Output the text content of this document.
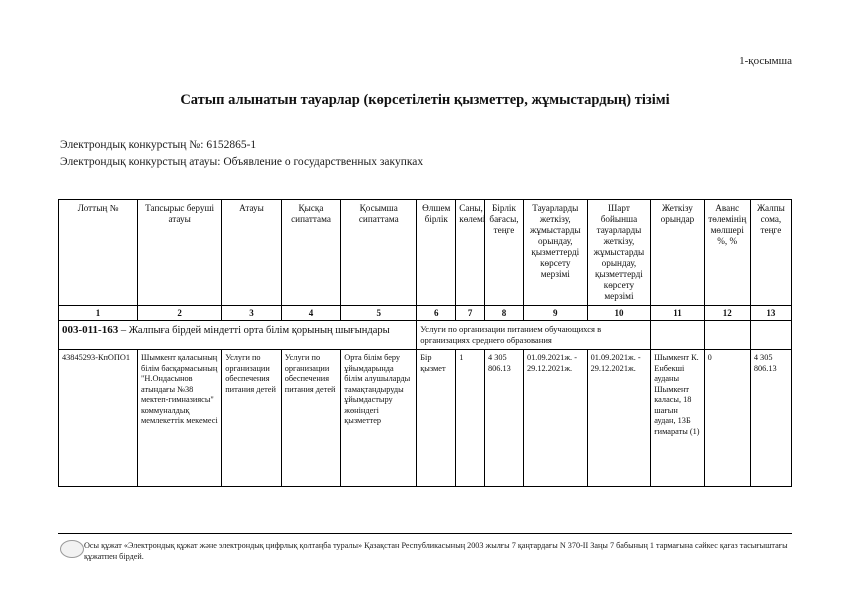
1-қосымша
Сатып алынатын тауарлар (көрсетілетін қызметтер, жұмыстардың) тізімі
Электрондық конкурстың №: 6152865-1
Электрондық конкурстың атауы: Объявление о государственных закупках
Лоттың №	Тапсырыс беруші атауы	Атауы	Қысқа сипаттама	Қосымша сипаттама	Өлшем бірлік	Саны, көлемі	Бірлік бағасы, теңге	Тауарларды жеткізу, жұмыстарды орындау, қызметтерді көрсету мерзімі	Шарт бойынша тауарларды жеткізу, жұмыстарды орындау, қызметтерді көрсету мерзімі	Жеткізу орындар	Аванс төлемінің мөлшері %, %	Жалпы сома, теңге
1	2	3	4	5	6	7	8	9	10	11	12	13
003-011-163 – Жалпыға бірдей міндетті орта білім қорының шығындары					Услуги по организации питанием обучающихся в организациях среднего образования							
43845293-КпОПО1	Шымкент қаласының білім басқармасының "Н.Ондасынов атындағы №38 мектеп-гимназиясы" коммуналдық мемлекеттік мекемесі	Услуги по организации обеспечения питания детей	Услуги по организации обеспечения питания детей	Орта білім беру ұйымдарында білім алушыларды тамақтандыруды ұйымдастыру жөніндегі қызметтер	Бір қызмет	1	4 305 806.13	01.09.2021ж. - 29.12.2021ж.	01.09.2021ж. - 29.12.2021ж.	Шымкент К. Енбекші ауданы Шымкент каласы, 18 шағын аудан, 13Б ғимараты (1)	0	4 305 806.13
Осы құжат «Электрондық құжат және электрондық цифрлық қолтаңба туралы» Қазақстан Республикасының 2003 жылғы 7 қаңтардағы N 370-II Заңы 7 бабының 1 тармағына сәйкес қағаз тасығыштағы құжатпен бірдей.
